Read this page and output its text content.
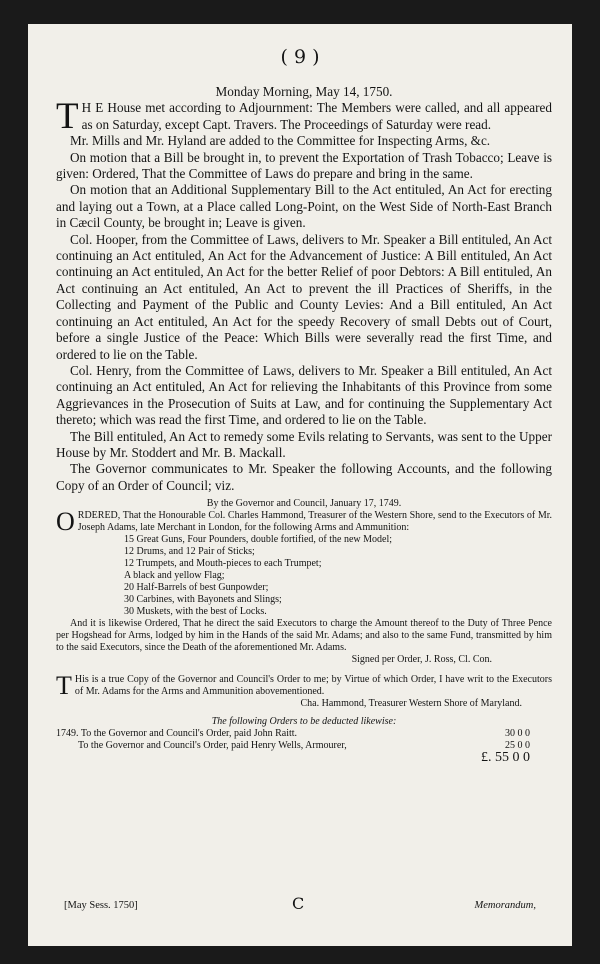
( 9 )

Monday Morning, May 14, 1750.

T H E House met according to Adjournment: The Members were called, and all appeared as on Saturday, except Capt. Travers. The Proceedings of Saturday were read.

Mr. Mills and Mr. Hyland are added to the Committee for Inspecting Arms, &c.

On motion that a Bill be brought in, to prevent the Exportation of Trash Tobacco; Leave is given: Ordered, That the Committee of Laws do prepare and bring in the same.

On motion that an Additional Supplementary Bill to the Act entituled, An Act for erecting and laying out a Town, at a Place called Long-Point, on the West Side of North-East Branch in Cæcil County, be brought in; Leave is given.

Col. Hooper, from the Committee of Laws, delivers to Mr. Speaker a Bill entituled, An Act continuing an Act entituled, An Act for the Advancement of Justice: A Bill entituled, An Act continuing an Act entituled, An Act for the better Relief of poor Debtors: A Bill entituled, An Act continuing an Act entituled, An Act to prevent the ill Practices of Sheriffs, in the Collecting and Payment of the Public and County Levies: And a Bill entituled, An Act continuing an Act entituled, An Act for the speedy Recovery of small Debts out of Court, before a single Justice of the Peace: Which Bills were severally read the first Time, and ordered to lie on the Table.

Col. Henry, from the Committee of Laws, delivers to Mr. Speaker a Bill entituled, An Act continuing an Act entituled, An Act for relieving the Inhabitants of this Province from some Aggrievances in the Prosecution of Suits at Law, and for continuing the Supplementary Act thereto; which was read the first Time, and ordered to lie on the Table.

The Bill entituled, An Act to remedy some Evils relating to Servants, was sent to the Upper House by Mr. Stoddert and Mr. B. Mackall.

The Governor communicates to Mr. Speaker the following Accounts, and the following Copy of an Order of Council; viz.

By the Governor and Council, January 17, 1749.
ORDERED, That the Honourable Col. Charles Hammond, Treasurer of the Western Shore, send to the Executors of Mr. Joseph Adams, late Merchant in London, for the following Arms and Ammunition:
15 Great Guns, Four Pounders, double fortified, of the new Model;
12 Drums, and 12 Pair of Sticks;
12 Trumpets, and Mouth-pieces to each Trumpet;
A black and yellow Flag;
20 Half-Barrels of best Gunpowder;
30 Carbines, with Bayonets and Slings;
30 Muskets, with the best of Locks.
And it is likewise Ordered, That he direct the said Executors to charge the Amount thereof to the Duty of Three Pence per Hogshead for Arms, lodged by him in the Hands of the said Mr. Adams; and also to the same Fund, transmitted by him to the said Executors, since the Death of the aforementioned Mr. Adams.
Signed per Order, J. Ross, Cl. Con.
T His is a true Copy of the Governor and Council's Order to me; by Virtue of which Order, I have writ to the Executors of Mr. Adams for the Arms and Ammunition abovementioned.
Cha. Hammond, Treasurer Western Shore of Maryland.
The following Orders to be deducted likewise:
1749. To the Governor and Council's Order, paid John Raitt.	30 0 0
To the Governor and Council's Order, paid Henry Wells, Armourer,	25 0 0
£. 55 0 0
[May Sess. 1750]	Memorandum,
C
